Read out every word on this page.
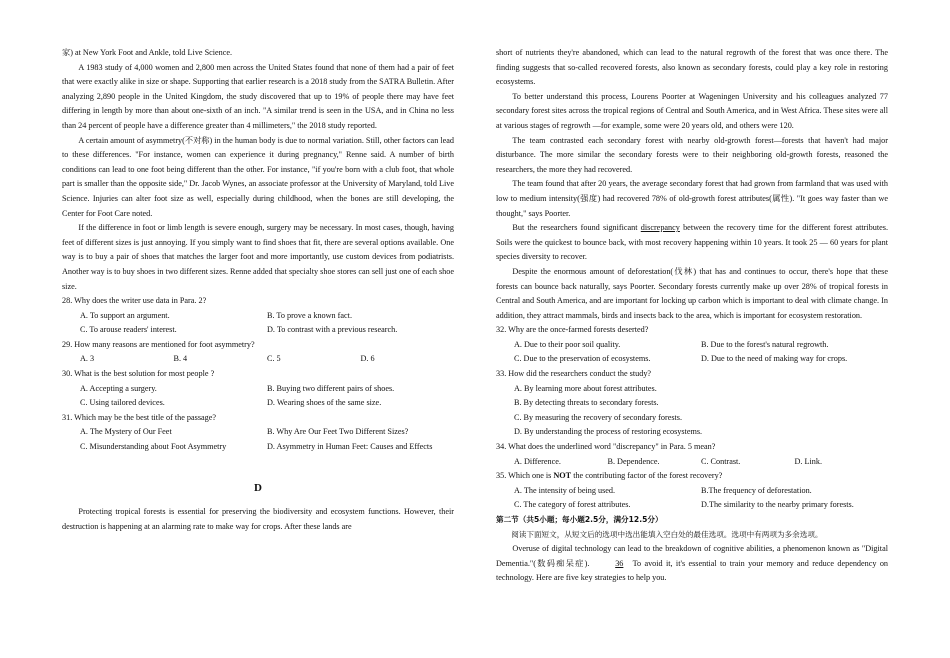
家) at New York Foot and Ankle, told Live Science.

A 1983 study of 4,000 women and 2,800 men across the United States found that none of them had a pair of feet that were exactly alike in size or shape. Supporting that earlier research is a 2018 study from the SATRA Bulletin. After analyzing 2,890 people in the United Kingdom, the study discovered that up to 19% of people there may have feet differing in length by more than about one-sixth of an inch. "A similar trend is seen in the USA, and in China no less than 24 percent of people have a difference greater than 4 millimeters," the 2018 study reported.

A certain amount of asymmetry(不对称) in the human body is due to normal variation. Still, other factors can lead to these differences. "For instance, women can experience it during pregnancy," Renne said. A number of birth conditions can lead to one foot being different than the other. For instance, "if you're born with a club foot, that whole part is smaller than the opposite side," Dr. Jacob Wynes, an associate professor at the University of Maryland, told Live Science. Injuries can alter foot size as well, especially during childhood, when the bones are still developing, the Center for Foot Care noted.

If the difference in foot or limb length is severe enough, surgery may be necessary. In most cases, though, having feet of different sizes is just annoying. If you simply want to find shoes that fit, there are several options available. One way is to buy a pair of shoes that matches the larger foot and more importantly, use custom devices from podiatrists. Another way is to buy shoes in two different sizes. Renne added that specialty shoe stores can sell just one of each shoe size.

28. Why does the writer use data in Para. 2?
A. To support an argument.	B. To prove a known fact.
C. To arouse readers' interest.	D. To contrast with a previous research.
29. How many reasons are mentioned for foot asymmetry?
A. 3	B. 4	C. 5	D. 6
30. What is the best solution for most people ?
A. Accepting a surgery.	B. Buying two different pairs of shoes.
C. Using tailored devices.	D. Wearing shoes of the same size.
31. Which may be the best title of the passage?
A. The Mystery of Our Feet	B. Why Are Our Feet Two Different Sizes?
C. Misunderstanding about Foot Asymmetry	D. Asymmetry in Human Feet: Causes and Effects
D

Protecting tropical forests is essential for preserving the biodiversity and ecosystem functions. However, their destruction is happening at an alarming rate to make way for crops. After these lands are

short of nutrients they're abandoned, which can lead to the natural regrowth of the forest that was once there. The finding suggests that so-called recovered forests, also known as secondary forests, could play a key role in restoring ecosystems.

To better understand this process, Lourens Poorter at Wageningen University and his colleagues analyzed 77 secondary forest sites across the tropical regions of Central and South America, and in West Africa. These sites were all at various stages of regrowth —for example, some were 20 years old, and others were 120.

The team contrasted each secondary forest with nearby old-growth forest—forests that haven't had major disturbance. The more similar the secondary forests were to their neighboring old-growth forests, reasoned the researchers, the more they had recovered.

The team found that after 20 years, the average secondary forest that had grown from farmland that was used with low to medium intensity(强度) had recovered 78% of old-growth forest attributes(属性). "It goes way faster than we thought," says Poorter.

But the researchers found significant discrepancy between the recovery time for the different forest attributes. Soils were the quickest to bounce back, with most recovery happening within 10 years. It took 25 — 60 years for plant species diversity to recover.

Despite the enormous amount of deforestation(伐林) that has and continues to occur, there's hope that these forests can bounce back naturally, says Poorter. Secondary forests currently make up over 28% of tropical forests in Central and South America, and are important for locking up carbon which is important to deal with climate change. In addition, they attract mammals, birds and insects back to the area, which is important for ecosystem restoration.

32. Why are the once-farmed forests deserted?
A. Due to their poor soil quality.	B. Due to the forest's natural regrowth.
C. Due to the preservation of ecosystems.	D. Due to the need of making way for crops.
33. How did the researchers conduct the study?
A. By learning more about forest attributes.
B. By detecting threats to secondary forests.
C. By measuring the recovery of secondary forests.
D. By understanding the process of restoring ecosystems.
34. What does the underlined word "discrepancy" in Para. 5 mean?
A. Difference.	B. Dependence.	C. Contrast.	D. Link.
35. Which one is NOT the contributing factor of the forest recovery?
A. The intensity of being used.	B.The frequency of deforestation.
C. The category of forest attributes.	D.The similarity to the nearby primary forests.
第二节（共5小题；每小题2.5分，满分12.5分）

阅读下面短文，从短文后的选项中选出能填入空白处的最佳选项。选项中有两项为多余选项。

Overuse of digital technology can lead to the breakdown of cognitive abilities, a phenomenon known as "Digital Dementia."(数码痴呆症).	36 To avoid it, it's essential to train your memory and reduce dependency on technology. Here are five key strategies to help you.
